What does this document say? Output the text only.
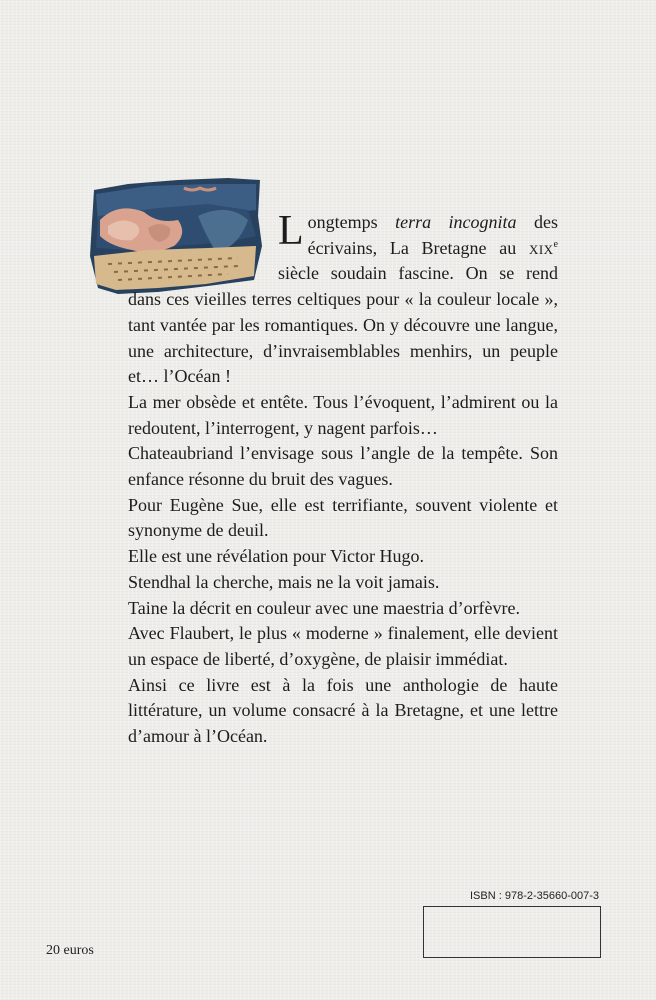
Longtemps terra incognita des écrivains, La Bretagne au xix$^e$ siècle soudain fascine. On se rend dans ces vieilles terres celtiques pour « la couleur locale », tant vantée par les romantiques. On y découvre une langue, une architecture, d’invraisemblables menhirs, un peuple et… l’Océan !

La mer obsède et entête. Tous l’évoquent, l’admirent ou la redoutent, l’interrogent, y nagent parfois…

Chateaubriand l’envisage sous l’angle de la tempête. Son enfance résonne du bruit des vagues.

Pour Eugène Sue, elle est terrifiante, souvent violente et synonyme de deuil.

Elle est une révélation pour Victor Hugo.

Stendhal la cherche, mais ne la voit jamais.

Taine la décrit en couleur avec une maestria d’orfèvre.

Avec Flaubert, le plus « moderne » finalement, elle devient un espace de liberté, d’oxygène, de plaisir immédiat.

Ainsi ce livre est à la fois une anthologie de haute littérature, un volume consacré à la Bretagne, et une lettre d’amour à l’Océan.

ISBN : 978-2-35660-007-3
20 euros
